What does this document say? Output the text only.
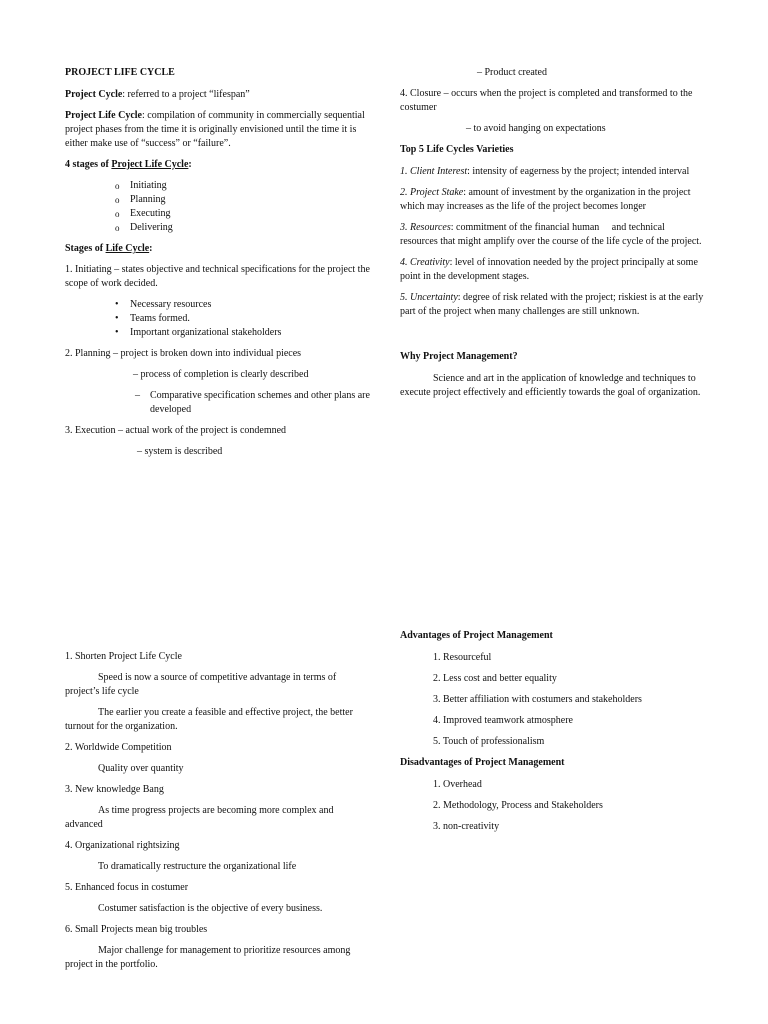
PROJECT LIFE CYCLE

Project Cycle: referred to a project “lifespan”

Project Life Cycle: compilation of community in commercially sequential project phases from the time it is originally envisioned until the time it is either make use of “success” or “failure”.

4 stages of Project Life Cycle:

o Initiating
o Planning
o Executing
o Delivering

Stages of Life Cycle:

1. Initiating – states objective and technical specifications for the project the scope of work decided.

• Necessary resources
• Teams formed.
• Important organizational stakeholders

2. Planning – project is broken down into individual pieces

– process of completion is clearly described

– Comparative specification schemes and other plans are developed

3. Execution – actual work of the project is condemned

– system is described

– Product created

4. Closure – occurs when the project is completed and transformed to the costumer

– to avoid hanging on expectations

Top 5 Life Cycles Varieties

1. Client Interest: intensity of eagerness by the project; intended interval

2. Project Stake: amount of investment by the organization in the project which may increases as the life of the project becomes longer

3. Resources: commitment of the financial human     and technical resources that might amplify over the course of the life cycle of the project.

4. Creativity: level of innovation needed by the project principally at some point in the development stages.

5. Uncertainty: degree of risk related with the project; riskiest is at the early part of the project when many challenges are still unknown.

Why Project Management?

Science and art in the application of knowledge and techniques to execute project effectively and efficiently towards the goal of organization.

1. Shorten Project Life Cycle

Speed is now a source of competitive advantage in terms of project’s life cycle

The earlier you create a feasible and effective project, the better turnout for the organization.

2. Worldwide Competition

Quality over quantity

3. New knowledge Bang

As time progress projects are becoming more complex and advanced

4. Organizational rightsizing

To dramatically restructure the organizational life

5. Enhanced focus in costumer

Costumer satisfaction is the objective of every business.

6. Small Projects mean big troubles

Major challenge for management to prioritize resources among project in the portfolio.

Advantages of Project Management

1. Resourceful

2. Less cost and better equality

3. Better affiliation with costumers and stakeholders

4. Improved teamwork atmosphere

5. Touch of professionalism

Disadvantages of Project Management

1. Overhead

2. Methodology, Process and Stakeholders

3. non-creativity
